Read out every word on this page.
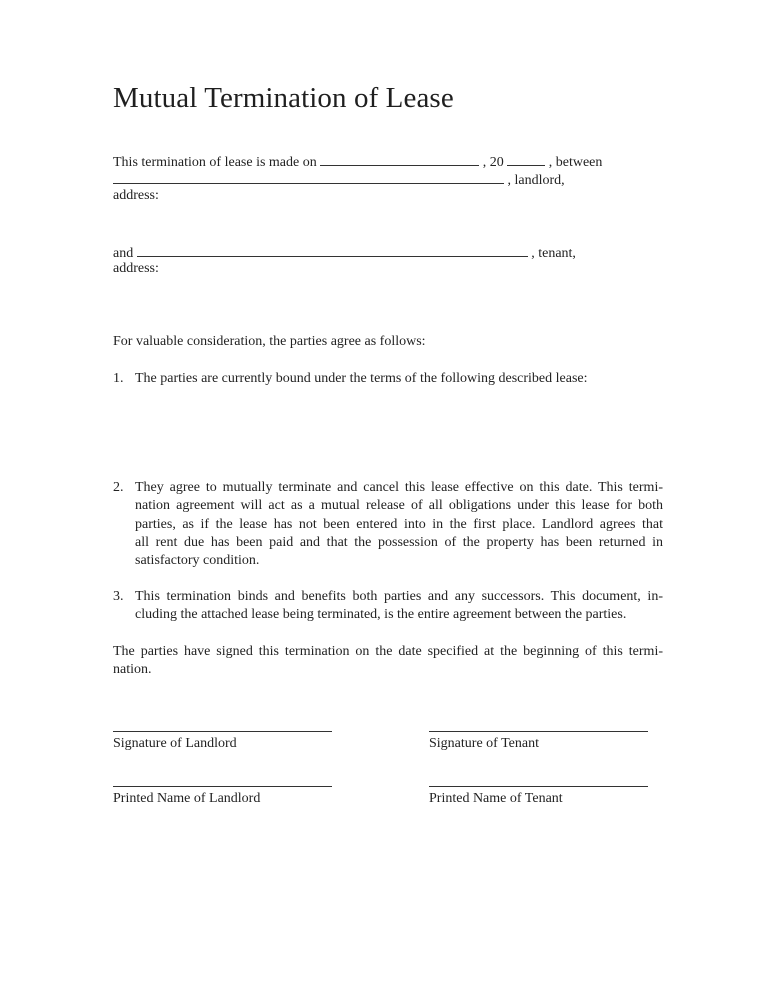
Mutual Termination of Lease
This termination of lease is made on	, 20	, between
, landlord,
address:
and	, tenant,
address:
For valuable consideration, the parties agree as follows:
1. The parties are currently bound under the terms of the following described lease:
2. They agree to mutually terminate and cancel this lease effective on this date. This termi-
nation agreement will act as a mutual release of all obligations under this lease for both
parties, as if the lease has not been entered into in the first place. Landlord agrees that
all rent due has been paid and that the possession of the property has been returned in
satisfactory condition.
3. This termination binds and benefits both parties and any successors. This document, in-
cluding the attached lease being terminated, is the entire agreement between the parties.
The parties have signed this termination on the date specified at the beginning of this termi-
nation.
Signature of Landlord	Signature of Tenant
Printed Name of Landlord	Printed Name of Tenant
